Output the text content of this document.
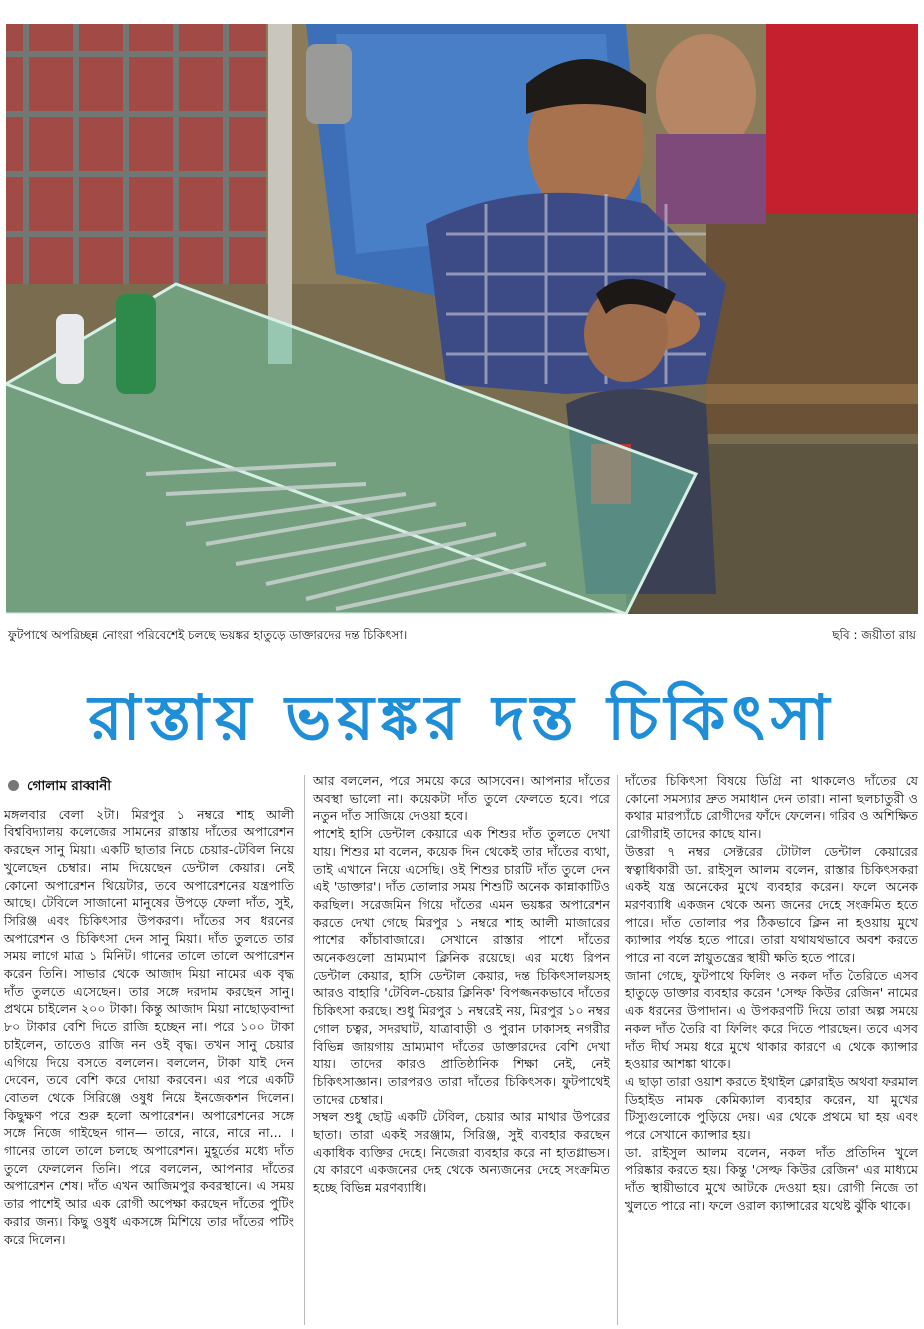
ফুটপাথে অপরিচ্ছন্ন নোংরা পরিবেশেই চলছে ভয়ঙ্কর হাতুড়ে ডাক্তারদের দন্ত চিকিৎসা।	ছবি : জয়ীতা রায়
রাস্তায় ভয়ঙ্কর দন্ত চিকিৎসা

গোলাম রাব্বানী

মঙ্গলবার বেলা ২টা। মিরপুর ১ নম্বরে শাহ আলী বিশ্ববিদ্যালয় কলেজের সামনের রাস্তায় দাঁতের অপারেশন করছেন সানু মিয়া। একটি ছাতার নিচে চেয়ার-টেবিল নিয়ে খুলেছেন চেম্বার। নাম দিয়েছেন ডেন্টাল কেয়ার। নেই কোনো অপারেশন থিয়েটার, তবে অপারেশনের যন্ত্রপাতি আছে। টেবিলে সাজানো মানুষের উপড়ে ফেলা দাঁত, সুই, সিরিঞ্জ এবং চিকিৎসার উপকরণ। দাঁতের সব ধরনের অপারেশন ও চিকিৎসা দেন সানু মিয়া। দাঁত তুলতে তার সময় লাগে মাত্র ১ মিনিট। গানের তালে তালে অপারেশন করেন তিনি। সাভার থেকে আজাদ মিয়া নামের এক বৃদ্ধ দাঁত তুলতে এসেছেন। তার সঙ্গে দরদাম করছেন সানু। প্রথমে চাইলেন ২০০ টাকা। কিন্তু আজাদ মিয়া নাছোড়বান্দা ৮০ টাকার বেশি দিতে রাজি হচ্ছেন না। পরে ১০০ টাকা চাইলেন, তাতেও রাজি নন ওই বৃদ্ধ। তখন সানু চেয়ার এগিয়ে দিয়ে বসতে বললেন। বললেন, টাকা যাই দেন দেবেন, তবে বেশি করে দোয়া করবেন। এর পরে একটি বোতল থেকে সিরিঞ্জে ওষুধ নিয়ে ইনজেকশন দিলেন। কিছুক্ষণ পরে শুরু হলো অপারেশন। অপারেশনের সঙ্গে সঙ্গে নিজে গাইছেন গান— তারে, নারে, নারে না... । গানের তালে তালে চলছে অপারেশন। মুহূর্তের মধ্যে দাঁত তুলে ফেললেন তিনি। পরে বললেন, আপনার দাঁতের অপারেশন শেষ। দাঁত এখন আজিমপুর কবরস্থানে। এ সময় তার পাশেই আর এক রোগী অপেক্ষা করছেন দাঁতের পুটিং করার জন্য। কিছু ওষুধ একসঙ্গে মিশিয়ে তার দাঁতের পটিং করে দিলেন।

আর বললেন, পরে সময়ে করে আসবেন। আপনার দাঁতের অবস্থা ভালো না। কয়েকটা দাঁত তুলে ফেলতে হবে। পরে নতুন দাঁত সাজিয়ে দেওয়া হবে।

পাশেই হাসি ডেন্টাল কেয়ারে এক শিশুর দাঁত তুলতে দেখা যায়। শিশুর মা বলেন, কয়েক দিন থেকেই তার দাঁতের ব্যথা, তাই এখানে নিয়ে এসেছি। ওই শিশুর চারটি দাঁত তুলে দেন এই 'ডাক্তার'। দাঁত তোলার সময় শিশুটি অনেক কান্নাকাটিও করছিল। সরেজমিন গিয়ে দাঁতের এমন ভয়ঙ্কর অপারেশন করতে দেখা গেছে মিরপুর ১ নম্বরে শাহ আলী মাজারের পাশের কাঁচাবাজারে। সেখানে রাস্তার পাশে দাঁতের অনেকগুলো ভ্রাম্যমাণ ক্লিনিক রয়েছে। এর মধ্যে রিপন ডেন্টাল কেয়ার, হাসি ডেন্টাল কেয়ার, দন্ত চিকিৎসালয়সহ আরও বাহারি 'টেবিল-চেয়ার ক্লিনিক' বিপজ্জনকভাবে দাঁতের চিকিৎসা করছে। শুধু মিরপুর ১ নম্বরেই নয়, মিরপুর ১০ নম্বর গোল চত্বর, সদরঘাট, যাত্রাবাড়ী ও পুরান ঢাকাসহ নগরীর বিভিন্ন জায়গায় ভ্রাম্যমাণ দাঁতের ডাক্তারদের বেশি দেখা যায়। তাদের কারও প্রাতিষ্ঠানিক শিক্ষা নেই, নেই চিকিৎসাজ্ঞান। তারপরও তারা দাঁতের চিকিৎসক। ফুটপাথেই তাদের চেম্বার।

সম্বল শুধু ছোট্ট একটি টেবিল, চেয়ার আর মাথার উপরের ছাতা। তারা একই সরঞ্জাম, সিরিঞ্জ, সুই ব্যবহার করছেন একাধিক ব্যক্তির দেহে। নিজেরা ব্যবহার করে না হাতগ্লাভস। যে কারণে একজনের দেহ থেকে অন্যজনের দেহে সংক্রমিত হচ্ছে বিভিন্ন মরণব্যাধি।

দাঁতের চিকিৎসা বিষয়ে ডিগ্রি না থাকলেও দাঁতের যে কোনো সমস্যার দ্রুত সমাধান দেন তারা। নানা ছলচাতুরী ও কথার মারপ্যাঁচে রোগীদের ফাঁদে ফেলেন। গরিব ও অশিক্ষিত রোগীরাই তাদের কাছে যান।

উত্তরা ৭ নম্বর সেক্টরের টোটাল ডেন্টাল কেয়ারের স্বত্বাধিকারী ডা. রাইসুল আলম বলেন, রাস্তার চিকিৎসকরা একই যন্ত্র অনেকের মুখে ব্যবহার করেন। ফলে অনেক মরণব্যাধি একজন থেকে অন্য জনের দেহে সংক্রমিত হতে পারে। দাঁত তোলার পর ঠিকভাবে ক্লিন না হওয়ায় মুখে ক্যান্সার পর্যন্ত হতে পারে। তারা যথাযথভাবে অবশ করতে পারে না বলে স্নায়ুতন্ত্রের স্থায়ী ক্ষতি হতে পারে।

জানা গেছে, ফুটপাথে ফিলিং ও নকল দাঁত তৈরিতে এসব হাতুড়ে ডাক্তার ব্যবহার করেন 'সেল্ফ কিউর রেজিন' নামের এক ধরনের উপাদান। এ উপকরণটি দিয়ে তারা অল্প সময়ে নকল দাঁত তৈরি বা ফিলিং করে দিতে পারছেন। তবে এসব দাঁত দীর্ঘ সময় ধরে মুখে থাকার কারণে এ থেকে ক্যান্সার হওয়ার আশঙ্কা থাকে।

এ ছাড়া তারা ওয়াশ করতে ইথাইল ক্লোরাইড অথবা ফরমাল ডিহাইড নামক কেমিক্যাল ব্যবহার করেন, যা মুখের টিস্যুগুলোকে পুড়িয়ে দেয়। এর থেকে প্রথমে ঘা হয় এবং পরে সেখানে ক্যান্সার হয়।

ডা. রাইসুল আলম বলেন, নকল দাঁত প্রতিদিন খুলে পরিষ্কার করতে হয়। কিন্তু 'সেল্ফ কিউর রেজিন' এর মাধ্যমে দাঁত স্থায়ীভাবে মুখে আটকে দেওয়া হয়। রোগী নিজে তা খুলতে পারে না। ফলে ওরাল ক্যান্সারের যথেষ্ট ঝুঁকি থাকে।
